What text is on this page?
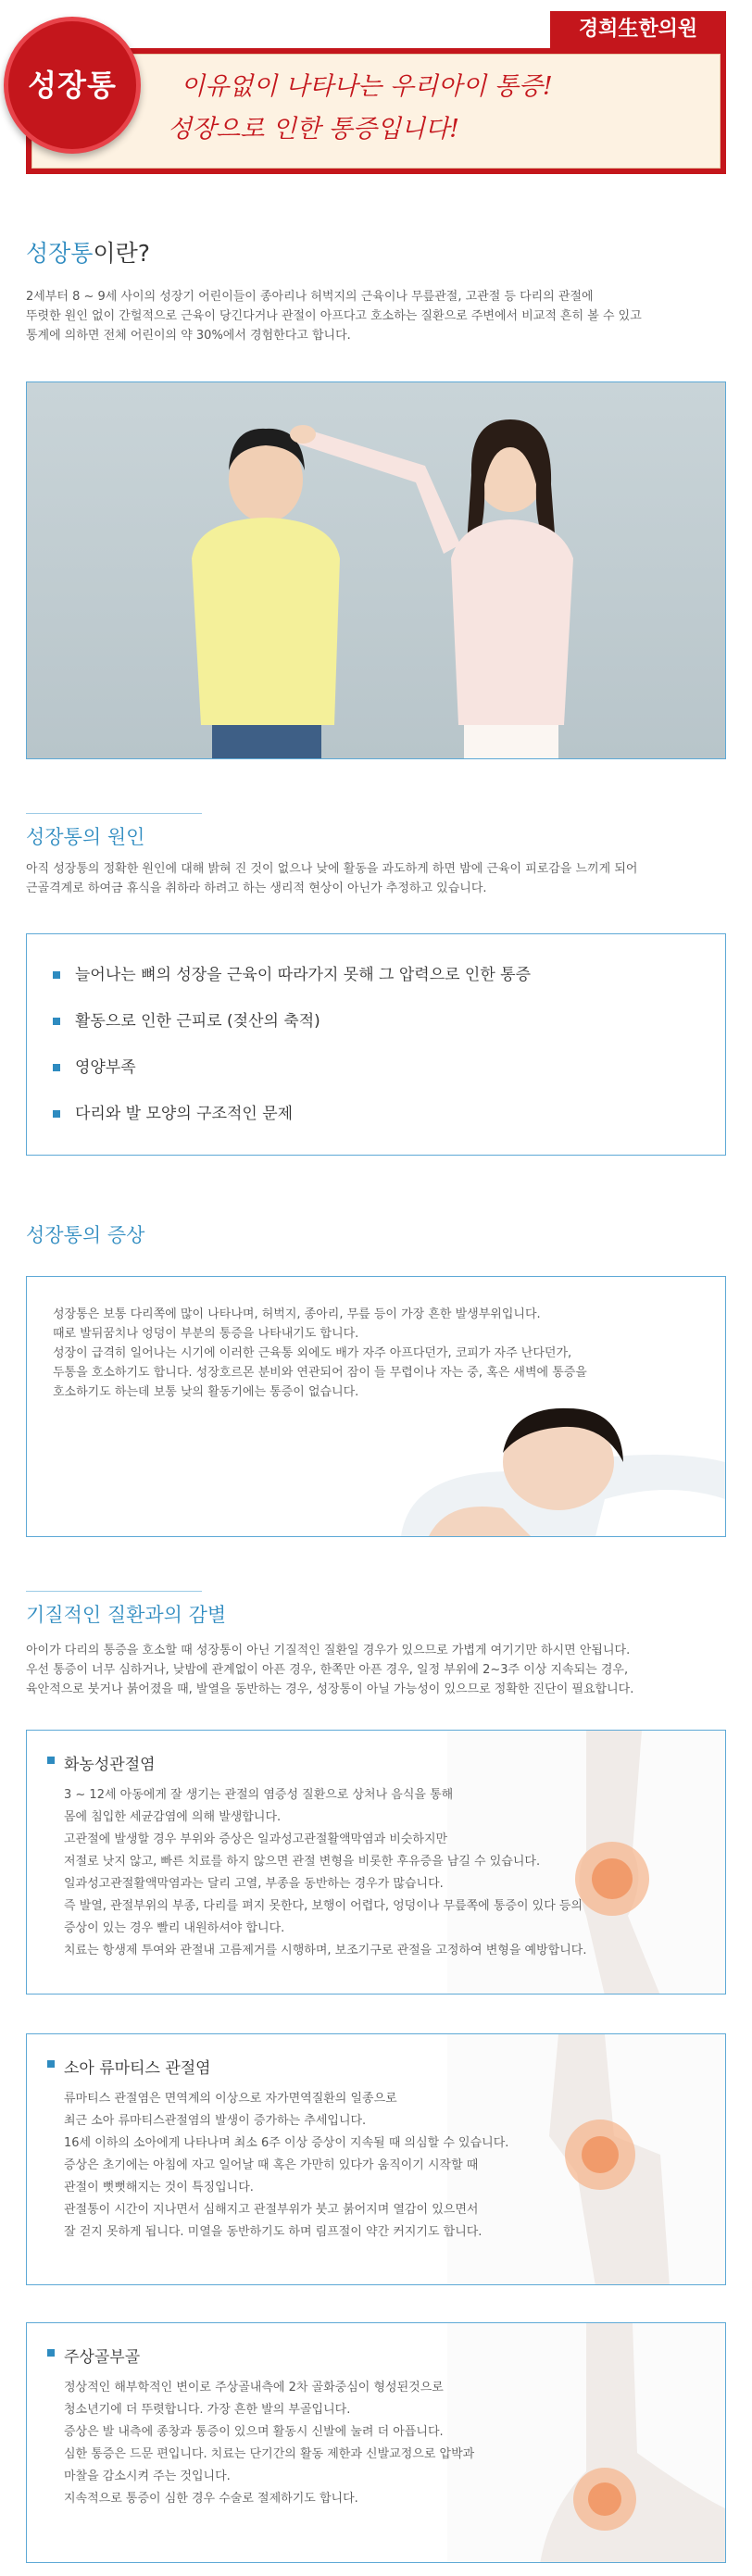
경희生한의원
이유없이 나타나는 우리아이 통증!
성장으로 인한 통증입니다!
성장통
성장통이란?
2세부터 8 ~ 9세 사이의 성장기 어린이들이 종아리나 허벅지의 근육이나 무릎관절, 고관절 등 다리의 관절에
뚜렷한 원인 없이 간헐적으로 근육이 당긴다거나 관절이 아프다고 호소하는 질환으로 주변에서 비교적 흔히 볼 수 있고
통계에 의하면 전체 어린이의 약 30%에서 경험한다고 합니다.
성장통의 원인
아직 성장통의 정확한 원인에 대해 밝혀 진 것이 없으나 낮에 활동을 과도하게 하면 밤에 근육이 피로감을 느끼게 되어
근골격계로 하여금 휴식을 취하라 하려고 하는 생리적 현상이 아닌가 추정하고 있습니다.
늘어나는 뼈의 성장을 근육이 따라가지 못해 그 압력으로 인한 통증
활동으로 인한 근피로 (젖산의 축적)
영양부족
다리와 발 모양의 구조적인 문제
성장통의 증상
성장통은 보통 다리쪽에 많이 나타나며, 허벅지, 종아리, 무릎 등이 가장 흔한 발생부위입니다.
때로 발뒤꿈치나 엉덩이 부분의 통증을 나타내기도 합니다.
성장이 급격히 일어나는 시기에 이러한 근육통 외에도 배가 자주 아프다던가, 코피가 자주 난다던가,
두통을 호소하기도 합니다. 성장호르몬 분비와 연관되어 잠이 들 무렵이나 자는 중, 혹은 새벽에 통증을
호소하기도 하는데 보통 낮의 활동기에는 통증이 없습니다.
기질적인 질환과의 감별
아이가 다리의 통증을 호소할 때 성장통이 아닌 기질적인 질환일 경우가 있으므로 가볍게 여기기만 하시면 안됩니다.
우선 통증이 너무 심하거나, 낮밤에 관계없이 아픈 경우, 한쪽만 아픈 경우, 일정 부위에 2~3주 이상 지속되는 경우,
육안적으로 붓거나 붉어졌을 때, 발열을 동반하는 경우, 성장통이 아닐 가능성이 있으므로 정확한 진단이 필요합니다.
화농성관절염
3 ~ 12세 아동에게 잘 생기는 관절의 염증성 질환으로 상처나 음식을 통해
몸에 침입한 세균감염에 의해 발생합니다.
고관절에 발생할 경우 부위와 증상은 일과성고관절활액막염과 비슷하지만
저절로 낫지 않고, 빠른 치료를 하지 않으면 관절 변형을 비롯한 후유증을 남길 수 있습니다.
일과성고관절활액막염과는 달리 고열, 부종을 동반하는 경우가 많습니다.
즉 발열, 관절부위의 부종, 다리를 펴지 못한다, 보행이 어렵다, 엉덩이나 무릎쪽에 통증이 있다 등의
증상이 있는 경우 빨리 내원하셔야 합니다.
치료는 항생제 투여와 관절내 고름제거를 시행하며, 보조기구로 관절을 고정하여 변형을 예방합니다.
소아 류마티스 관절염
류마티스 관절염은 면역계의 이상으로 자가면역질환의 일종으로
최근 소아 류마티스관절염의 발생이 증가하는 추세입니다.
16세 이하의 소아에게 나타나며 최소 6주 이상 증상이 지속될 때 의심할 수 있습니다.
증상은 초기에는 아침에 자고 일어날 때 혹은 가만히 있다가 움직이기 시작할 때
관절이 뻣뻣해지는 것이 특징입니다.
관절통이 시간이 지나면서 심해지고 관절부위가 붓고 붉어지며 열감이 있으면서
잘 걷지 못하게 됩니다. 미열을 동반하기도 하며 림프절이 약간 커지기도 합니다.
주상골부골
정상적인 해부학적인 변이로 주상골내측에 2차 골화중심이 형성된것으로
청소년기에 더 뚜렷합니다. 가장 흔한 발의 부골입니다.
증상은 발 내측에 종창과 통증이 있으며 활동시 신발에 눌려 더 아픕니다.
심한 통증은 드문 편입니다. 치료는 단기간의 활동 제한과 신발교정으로 압박과
마찰을 감소시켜 주는 것입니다.
지속적으로 통증이 심한 경우 수술로 절제하기도 합니다.
